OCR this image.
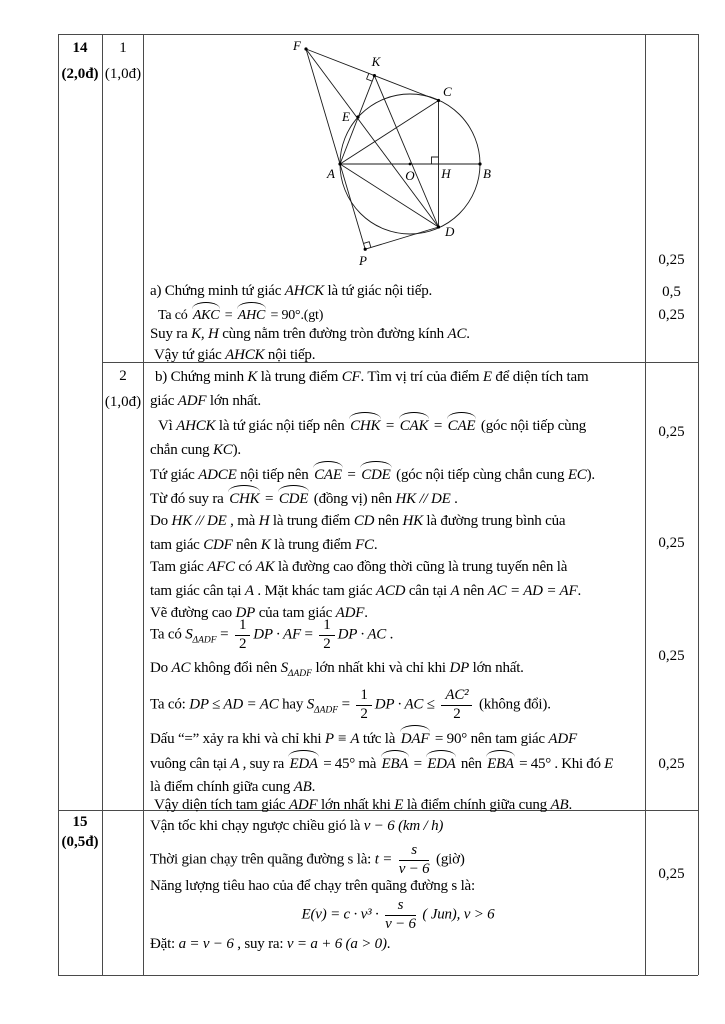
14
(2,0đ)
1
(1,0đ)
2
(1,0đ)
15
(0,5đ)
0,25
0,5
0,25
0,25
0,25
0,25
0,25
0,25
F
K
C
E
A	O H B
D
P
a) Chứng minh tứ giác AHCK là tứ giác nội tiếp.
Ta có AKC = AHC = 90°.(gt)
Suy ra K, H cùng nằm trên đường tròn đường kính AC.
Vậy tứ giác AHCK nội tiếp.
b) Chứng minh K là trung điểm CF. Tìm vị trí của điểm E để diện tích tam
giác ADF lớn nhất.
Vì AHCK là tứ giác nội tiếp nên CHK = CAK = CAE (góc nội tiếp cùng
chắn cung KC).
Tứ giác ADCE nội tiếp nên CAE = CDE (góc nội tiếp cùng chắn cung EC).
Từ đó suy ra CHK = CDE (đồng vị) nên HK // DE .
Do HK // DE , mà H là trung điểm CD nên HK là đường trung bình của
tam giác CDF nên K là trung điểm FC.
Tam giác AFC có AK là đường cao đồng thời cũng là trung tuyến nên là
tam giác cân tại A . Mặt khác tam giác ACD cân tại A nên AC = AD = AF.
Vẽ đường cao DP của tam giác ADF.
Ta có $S_{\Delta ADF} = \frac{1}{2}$ DP · AF = $\frac{1}{2}$ DP · AC .
Do AC không đổi nên $S_{\Delta ADF}$ lớn nhất khi và chỉ khi DP lớn nhất.
Ta có: DP ≤ AD = AC hay $S_{\Delta ADF} = \frac{1}{2}$ DP · AC ≤ $\frac{\text{AC²}}{2}$ (không đổi).
Dấu “=” xảy ra khi và chỉ khi P ≡ A tức là DAF = 90° nên tam giác ADF
vuông cân tại A , suy ra EDA = 45° mà EBA = EDA nên EBA = 45° . Khi đó E
là điểm chính giữa cung AB.
Vậy diện tích tam giác ADF lớn nhất khi E là điểm chính giữa cung AB.
Vận tốc khi chạy ngược chiều gió là v − 6 (km / h)
Thời gian chạy trên quãng đường s là: $t = \frac{s}{v - 6}$ (giờ)
Năng lượng tiêu hao của để chạy trên quãng đường s là:
$E(v) = c \cdot v^3 \cdot \frac{s}{v - 6}$ ( Jun), v > 6
Đặt: a = v − 6 , suy ra: v = a + 6 (a > 0).
